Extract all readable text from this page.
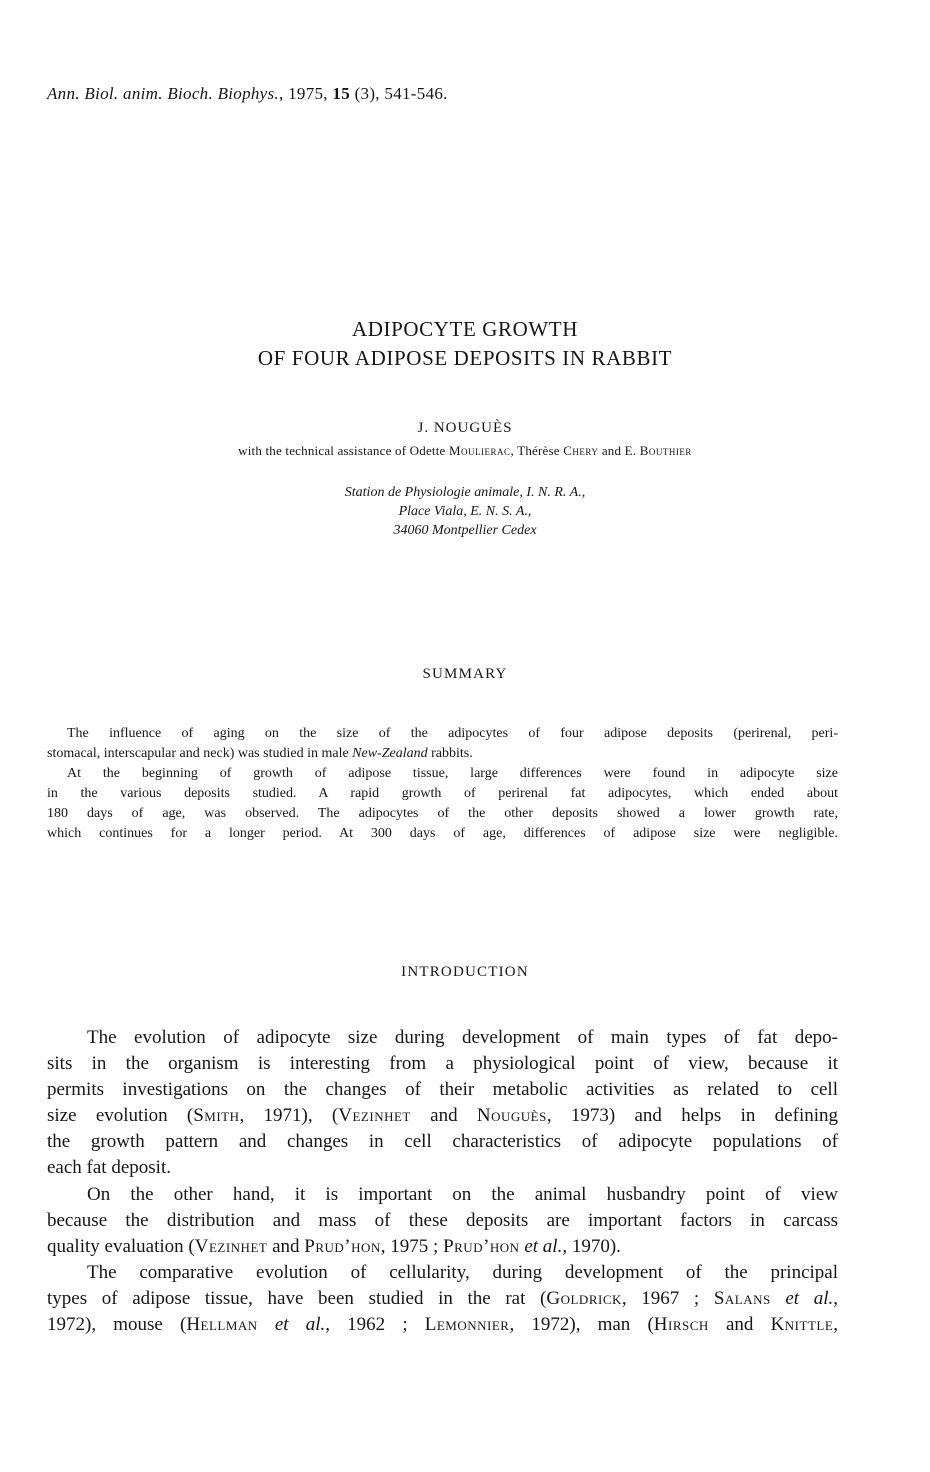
Ann. Biol. anim. Bioch. Biophys., 1975, 15 (3), 541-546.
ADIPOCYTE GROWTH
OF FOUR ADIPOSE DEPOSITS IN RABBIT
J. NOUGUÈS
with the technical assistance of Odette Moulierac, Thérèse Chery and E. Bouthier
Station de Physiologie animale, I. N. R. A.,
Place Viala, E. N. S. A.,
34060 Montpellier Cedex
SUMMARY
The influence of aging on the size of the adipocytes of four adipose deposits (perirenal, peri-
stomacal, interscapular and neck) was studied in male New-Zealand rabbits.
At the beginning of growth of adipose tissue, large differences were found in adipocyte size
in the various deposits studied. A rapid growth of perirenal fat adipocytes, which ended about
180 days of age, was observed. The adipocytes of the other deposits showed a lower growth rate,
which continues for a longer period. At 300 days of age, differences of adipose size were negligible.
INTRODUCTION
The evolution of adipocyte size during development of main types of fat depo-
sits in the organism is interesting from a physiological point of view, because it
permits investigations on the changes of their metabolic activities as related to cell
size evolution (Smith, 1971), (Vezinhet and Nouguès, 1973) and helps in defining
the growth pattern and changes in cell characteristics of adipocyte populations of
each fat deposit.
On the other hand, it is important on the animal husbandry point of view
because the distribution and mass of these deposits are important factors in carcass
quality evaluation (Vezinhet and Prud’hon, 1975 ; Prud’hon et al., 1970).
The comparative evolution of cellularity, during development of the principal
types of adipose tissue, have been studied in the rat (Goldrick, 1967 ; Salans et al.,
1972), mouse (Hellman et al., 1962 ; Lemonnier, 1972), man (Hirsch and Knittle,
